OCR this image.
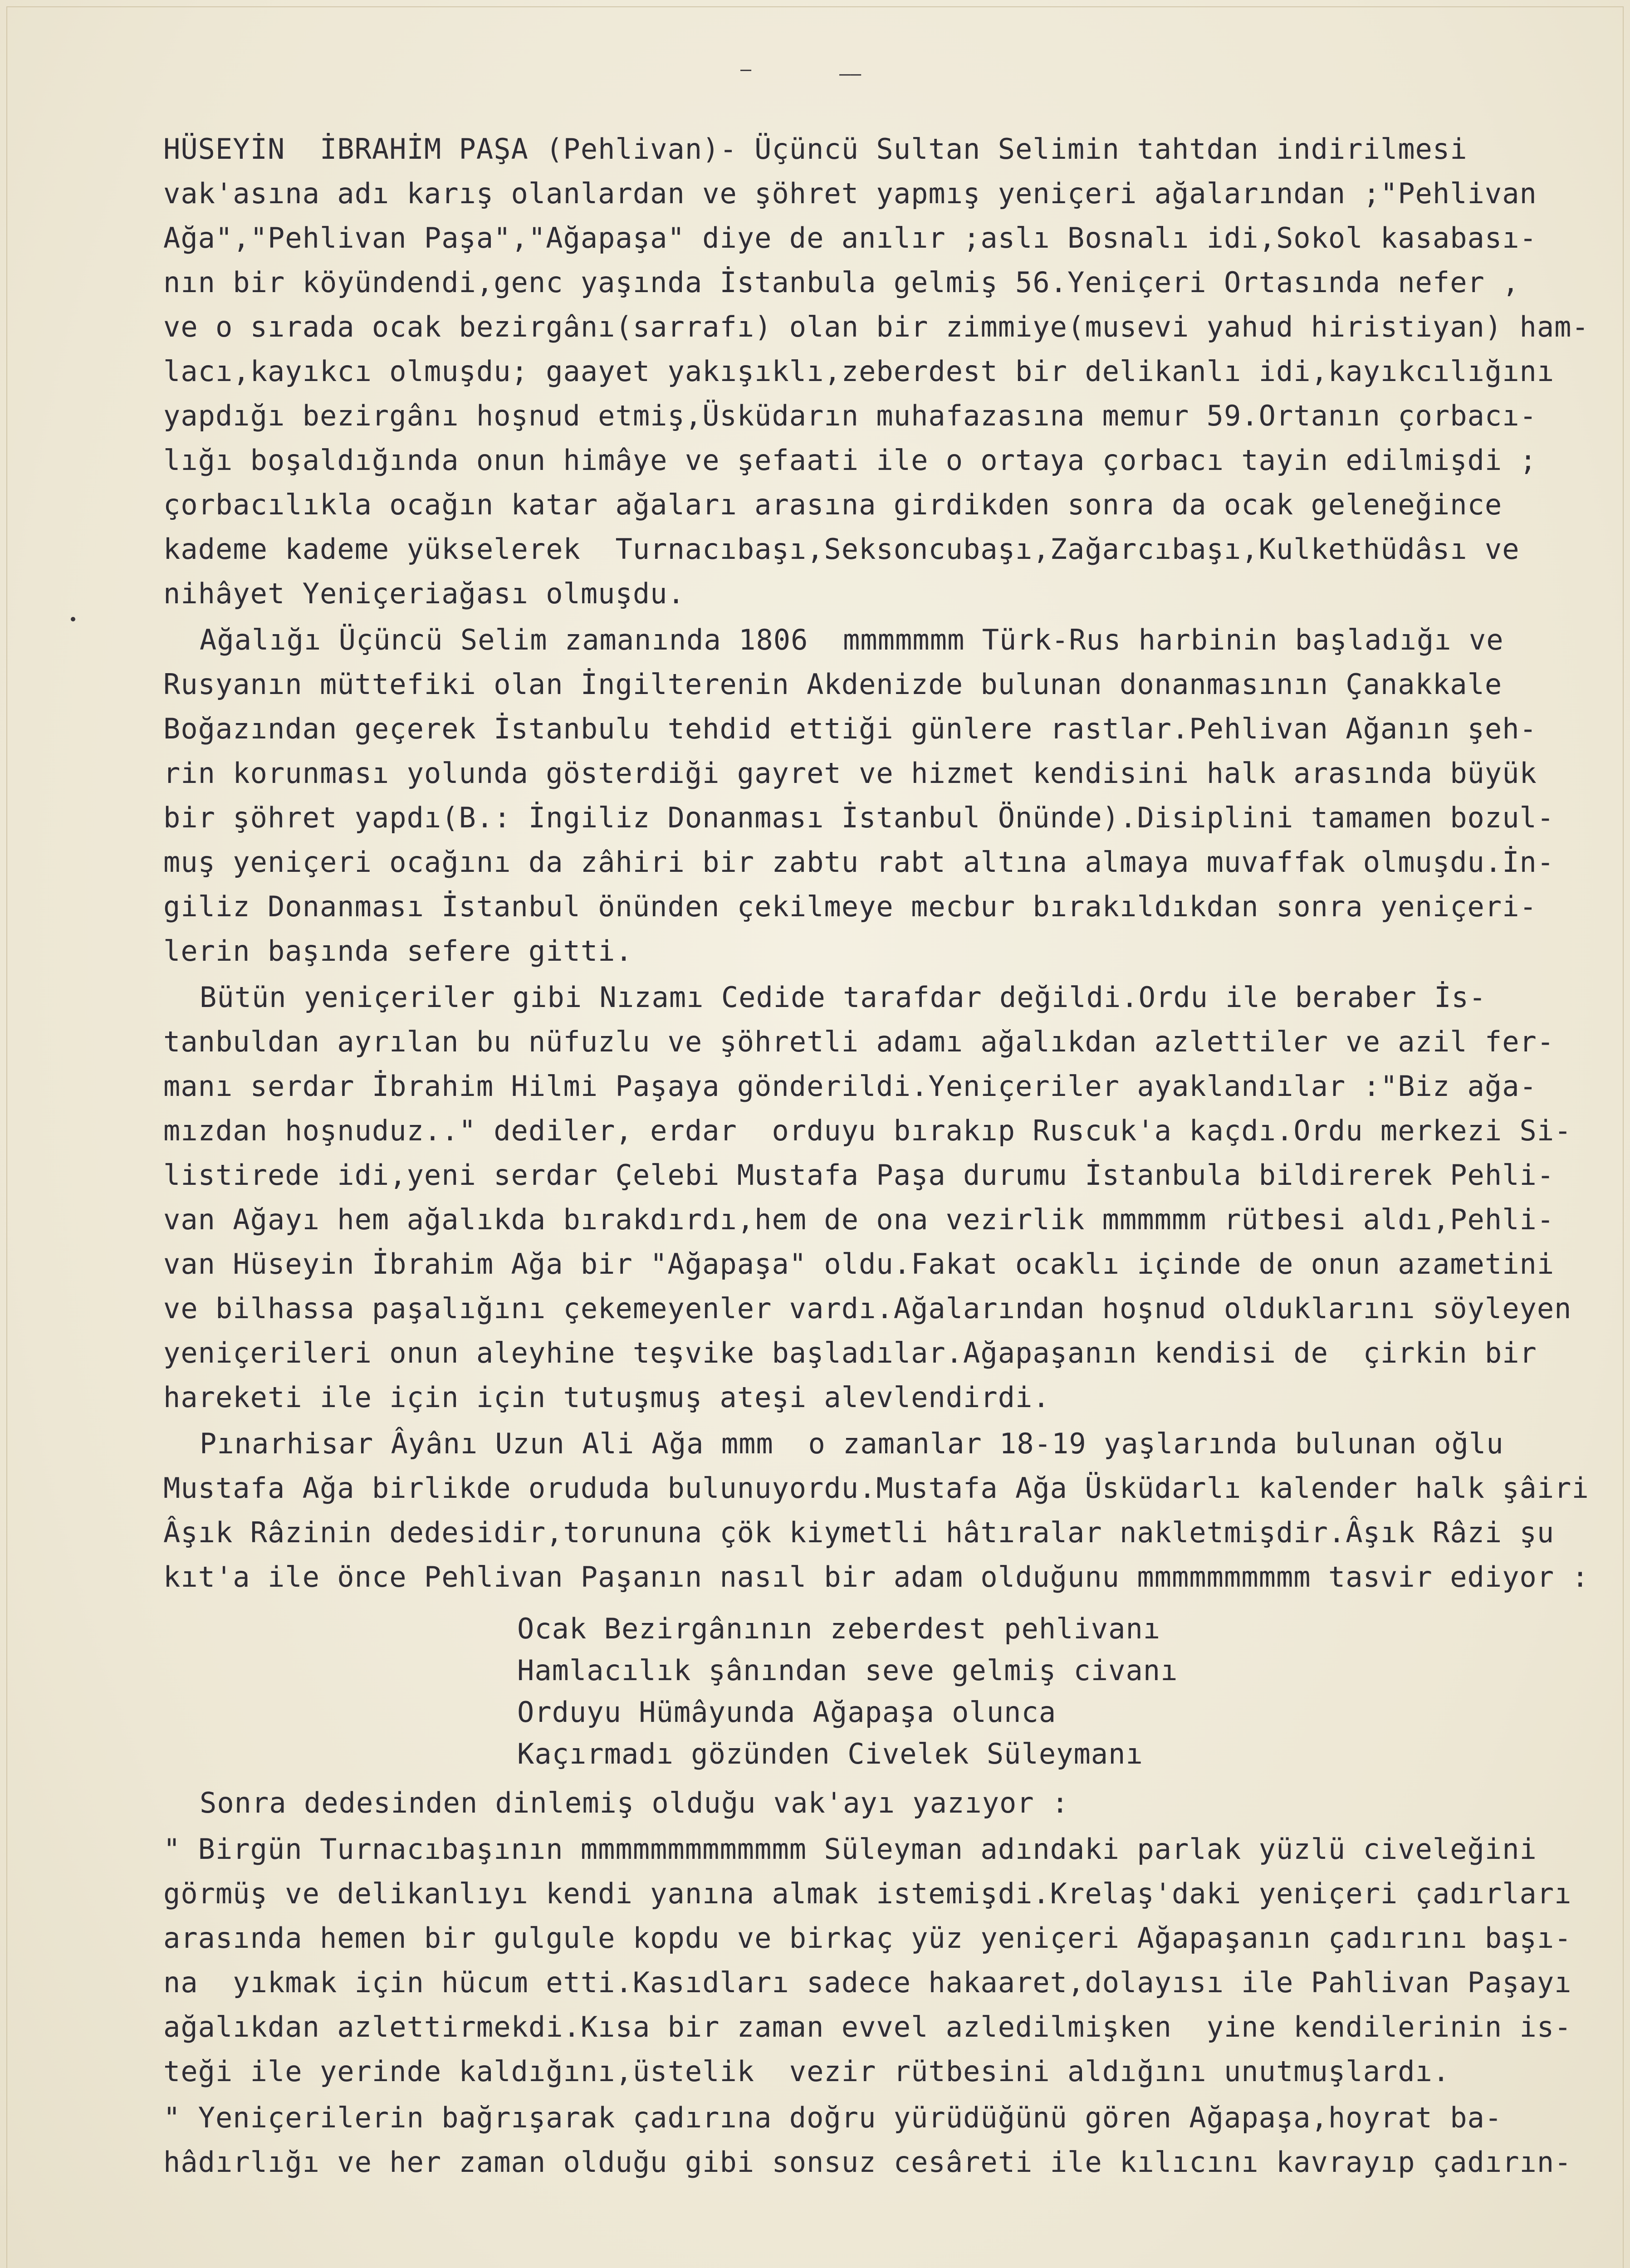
–	––
HÜSEYİN  İBRAHİM PAŞA (Pehlivan)- Üçüncü Sultan Selimin tahtdan indirilmesi
vak'asına adı karış olanlardan ve şöhret yapmış yeniçeri ağalarından ;"Pehlivan
Ağa","Pehlivan Paşa","Ağapaşa" diye de anılır ;aslı Bosnalı idi,Sokol kasabası-
nın bir köyündendi,genc yaşında İstanbula gelmiş 56.Yeniçeri Ortasında nefer ,
ve o sırada ocak bezirgânı(sarrafı) olan bir zimmiye(musevi yahud hiristiyan) ham-
lacı,kayıkcı olmuşdu; gaayet yakışıklı,zeberdest bir delikanlı idi,kayıkcılığını
yapdığı bezirgânı hoşnud etmiş,Üsküdarın muhafazasına memur 59.Ortanın çorbacı-
lığı boşaldığında onun himâye ve şefaati ile o ortaya çorbacı tayin edilmişdi ;
çorbacılıkla ocağın katar ağaları arasına girdikden sonra da ocak geleneğince
kademe kademe yükselerek  Turnacıbaşı,Seksoncubaşı,Zağarcıbaşı,Kulkethüdâsı ve
nihâyet Yeniçeriağası olmuşdu.
Ağalığı Üçüncü Selim zamanında 1806  mmmmmmm Türk-Rus harbinin başladığı ve
Rusyanın müttefiki olan İngilterenin Akdenizde bulunan donanmasının Çanakkale
Boğazından geçerek İstanbulu tehdid ettiği günlere rastlar.Pehlivan Ağanın şeh-
rin korunması yolunda gösterdiği gayret ve hizmet kendisini halk arasında büyük
bir şöhret yapdı(B.: İngiliz Donanması İstanbul Önünde).Disiplini tamamen bozul-
muş yeniçeri ocağını da zâhiri bir zabtu rabt altına almaya muvaffak olmuşdu.İn-
giliz Donanması İstanbul önünden çekilmeye mecbur bırakıldıkdan sonra yeniçeri-
lerin başında sefere gitti.
Bütün yeniçeriler gibi Nızamı Cedide tarafdar değildi.Ordu ile beraber İs-
tanbuldan ayrılan bu nüfuzlu ve şöhretli adamı ağalıkdan azlettiler ve azil fer-
manı serdar İbrahim Hilmi Paşaya gönderildi.Yeniçeriler ayaklandılar :"Biz ağa-
mızdan hoşnuduz.." dediler, erdar  orduyu bırakıp Ruscuk'a kaçdı.Ordu merkezi Si-
listirede idi,yeni serdar Çelebi Mustafa Paşa durumu İstanbula bildirerek Pehli-
van Ağayı hem ağalıkda bırakdırdı,hem de ona vezirlik mmmmmm rütbesi aldı,Pehli-
van Hüseyin İbrahim Ağa bir "Ağapaşa" oldu.Fakat ocaklı içinde de onun azametini
ve bilhassa paşalığını çekemeyenler vardı.Ağalarından hoşnud olduklarını söyleyen
yeniçerileri onun aleyhine teşvike başladılar.Ağapaşanın kendisi de  çirkin bir
hareketi ile için için tutuşmuş ateşi alevlendirdi.
Pınarhisar Âyânı Uzun Ali Ağa mmm  o zamanlar 18-19 yaşlarında bulunan oğlu
Mustafa Ağa birlikde orududa bulunuyordu.Mustafa Ağa Üsküdarlı kalender halk şâiri
Âşık Râzinin dedesidir,torununa çök kiymetli hâtıralar nakletmişdir.Âşık Râzi şu
kıt'a ile önce Pehlivan Paşanın nasıl bir adam olduğunu mmmmmmmmmm tasvir ediyor :
Ocak Bezirgânının zeberdest pehlivanı
Hamlacılık şânından seve gelmiş civanı
Orduyu Hümâyunda Ağapaşa olunca
Kaçırmadı gözünden Civelek Süleymanı
Sonra dedesinden dinlemiş olduğu vak'ayı yazıyor :
" Birgün Turnacıbaşının mmmmmmmmmmmmm Süleyman adındaki parlak yüzlü civeleğini
görmüş ve delikanlıyı kendi yanına almak istemişdi.Krelaş'daki yeniçeri çadırları
arasında hemen bir gulgule kopdu ve birkaç yüz yeniçeri Ağapaşanın çadırını başı-
na  yıkmak için hücum etti.Kasıdları sadece hakaaret,dolayısı ile Pahlivan Paşayı
ağalıkdan azlettirmekdi.Kısa bir zaman evvel azledilmişken  yine kendilerinin is-
teği ile yerinde kaldığını,üstelik  vezir rütbesini aldığını unutmuşlardı.
" Yeniçerilerin bağrışarak çadırına doğru yürüdüğünü gören Ağapaşa,hoyrat ba-
hâdırlığı ve her zaman olduğu gibi sonsuz cesâreti ile kılıcını kavrayıp çadırın-
